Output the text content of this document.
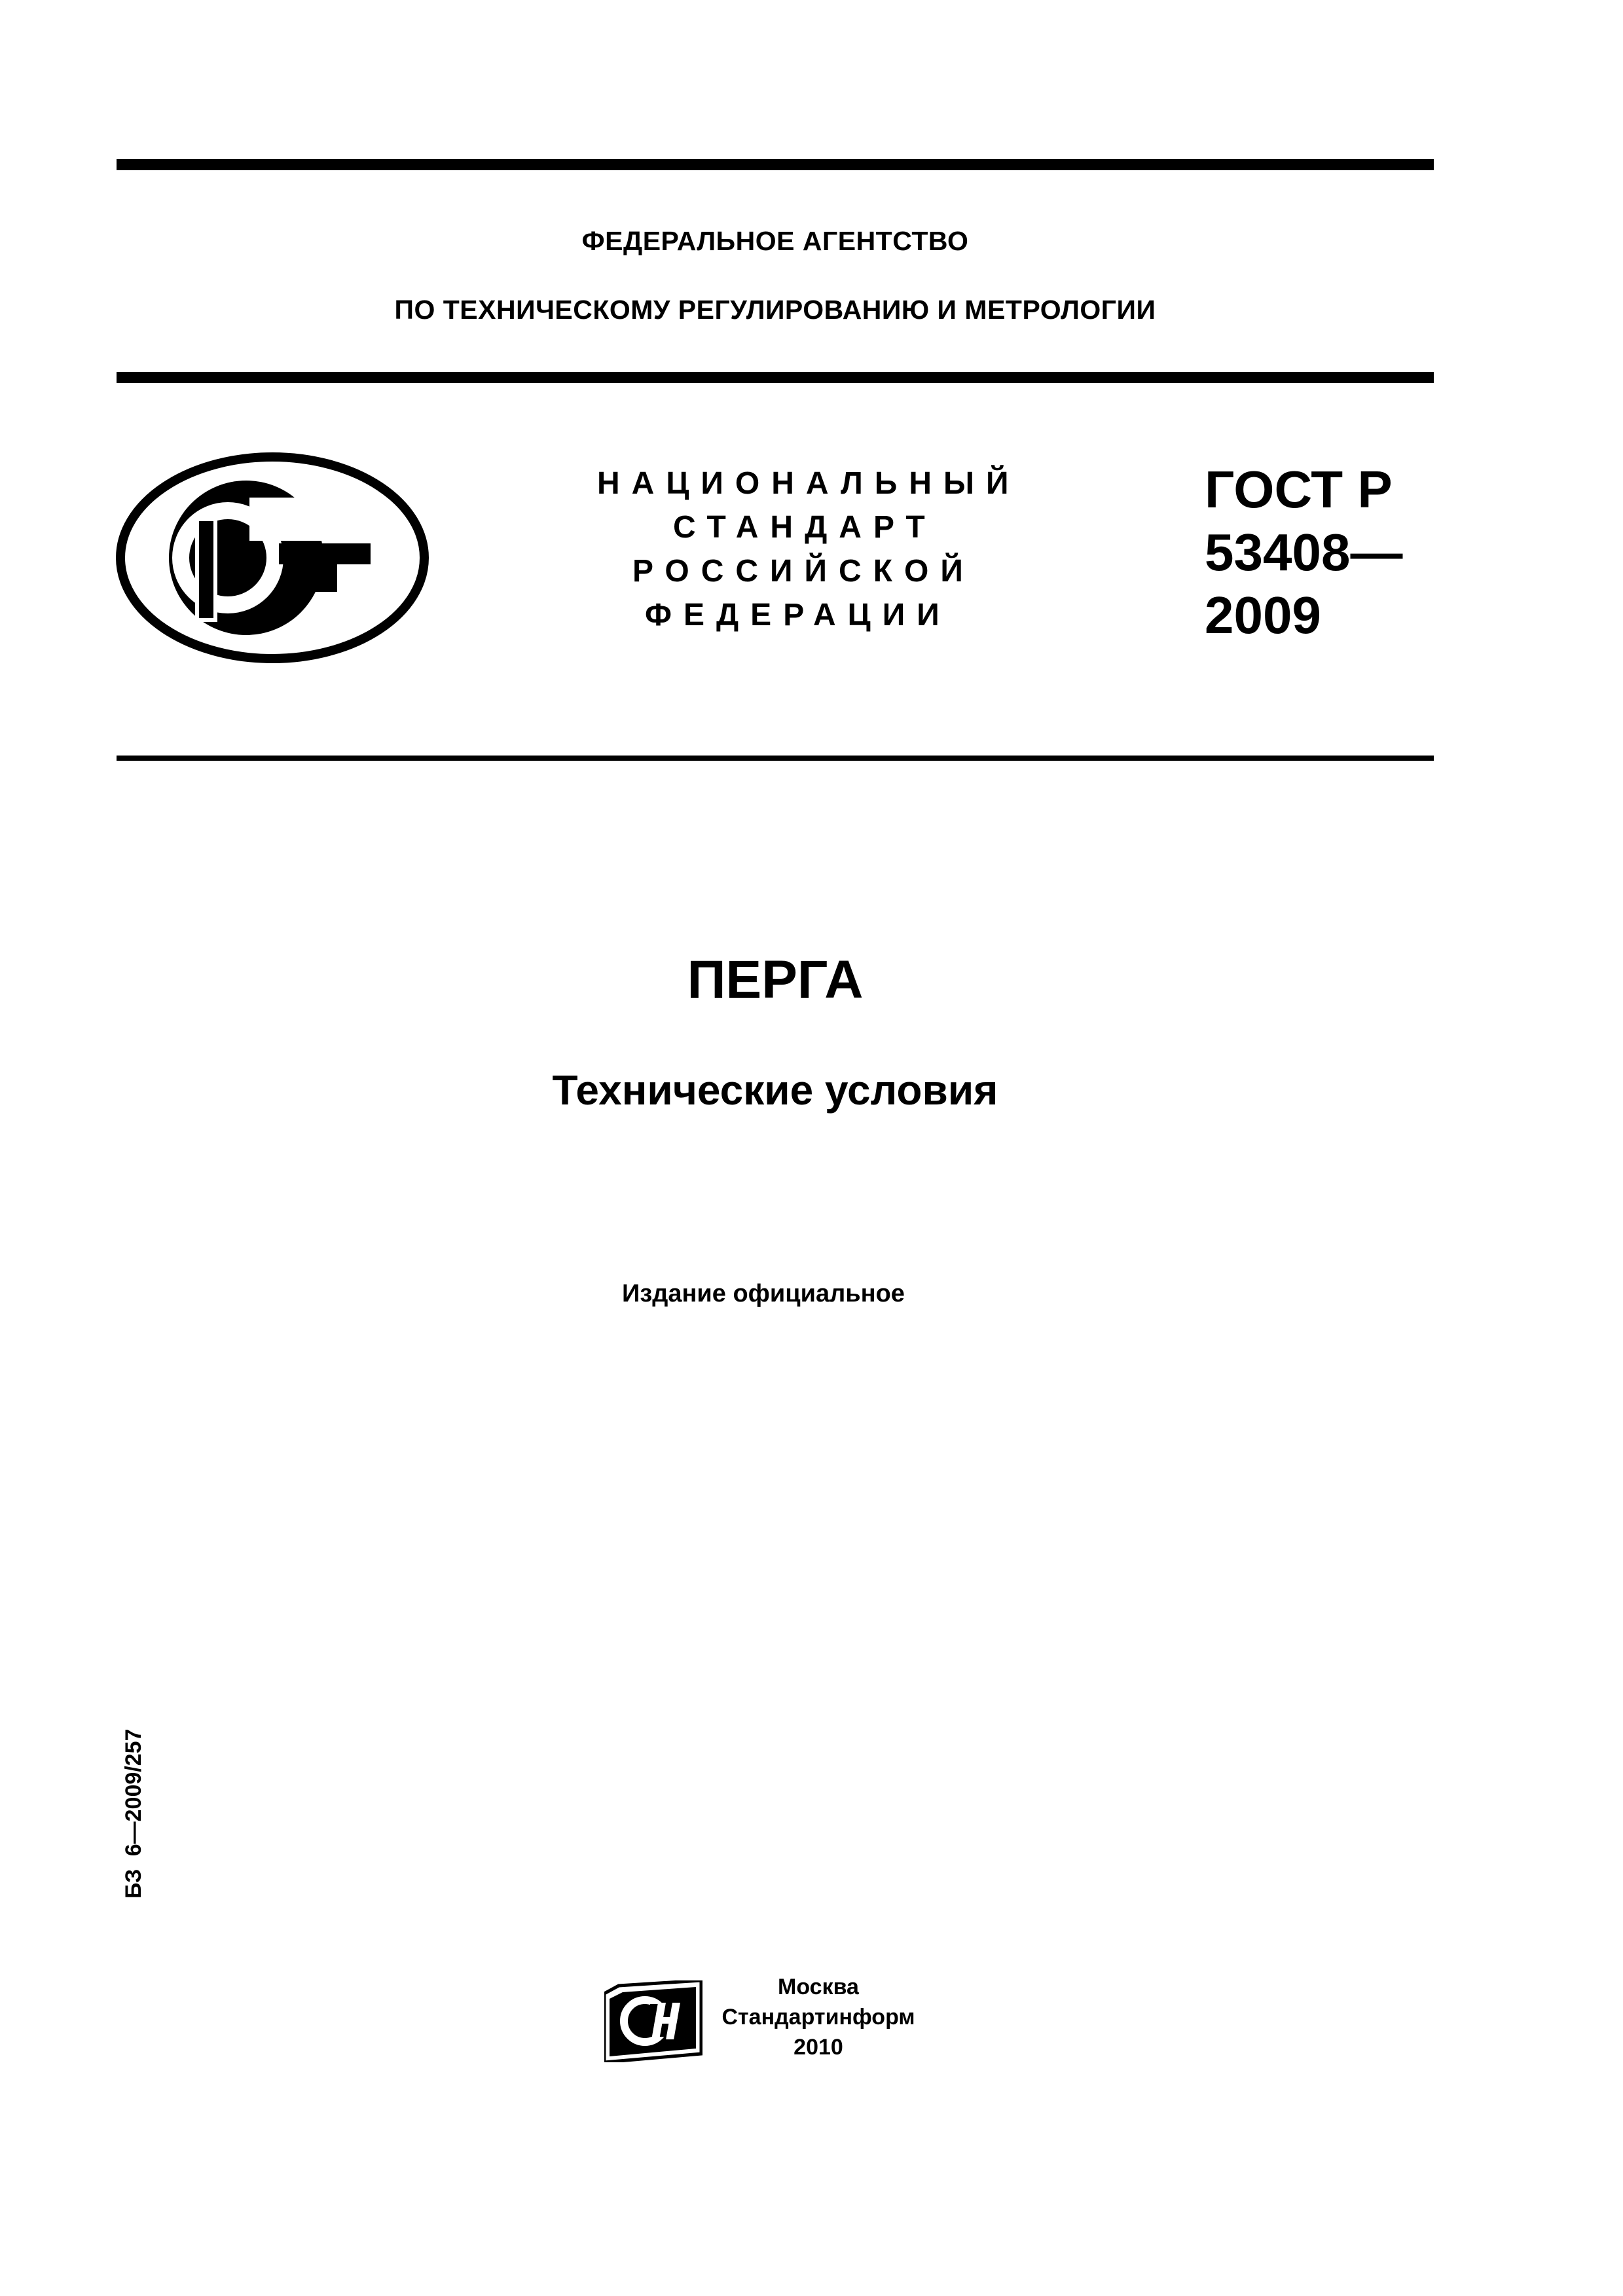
ФЕДЕРАЛЬНОЕ АГЕНТСТВО
ПО ТЕХНИЧЕСКОМУ РЕГУЛИРОВАНИЮ И МЕТРОЛОГИИ
НАЦИОНАЛЬНЫЙ
СТАНДАРТ
РОССИЙСКОЙ
ФЕДЕРАЦИИ
ГОСТ Р
53408—
2009
ПЕРГА
Технические условия
Издание официальное
БЗ 6—2009/257
Москва
Стандартинформ
2010
